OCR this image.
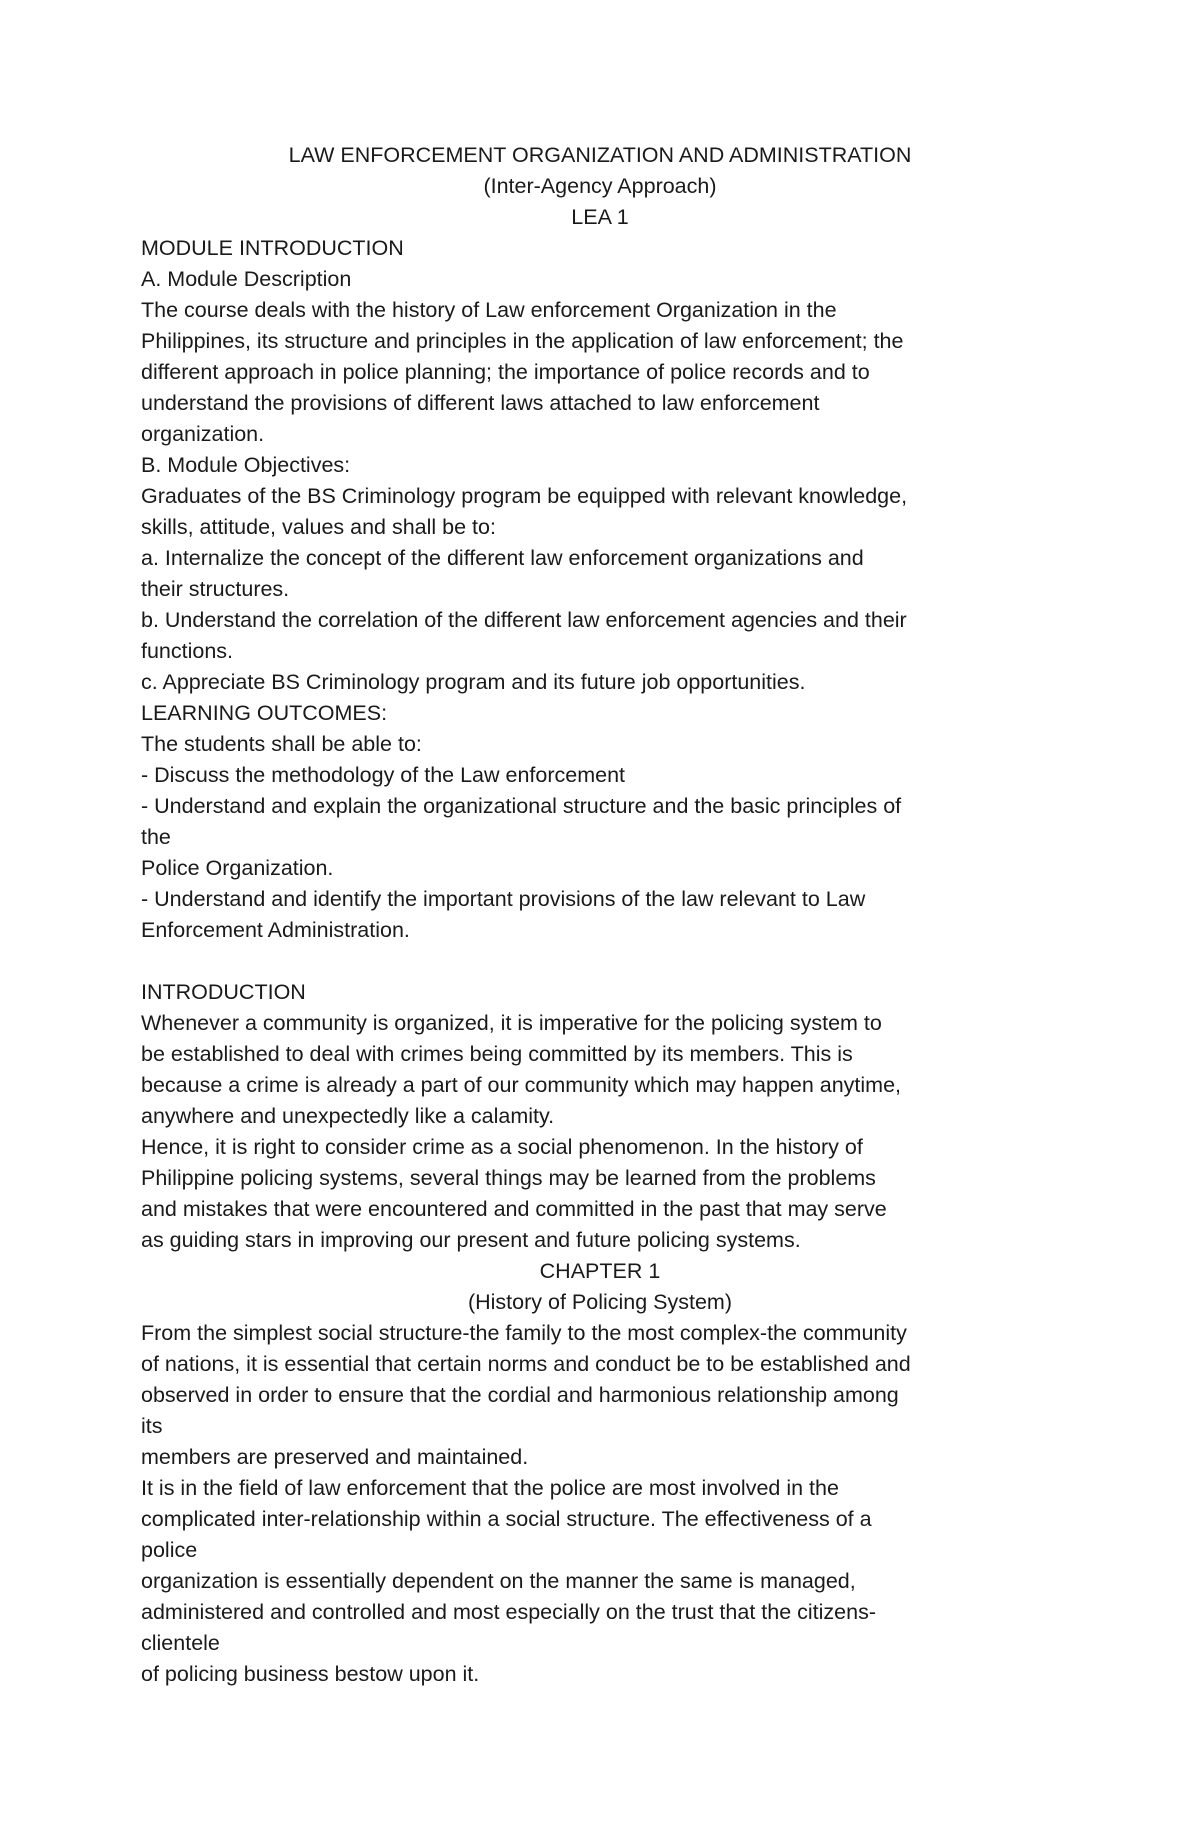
LAW ENFORCEMENT ORGANIZATION AND ADMINISTRATION
(Inter-Agency Approach)
LEA 1
MODULE INTRODUCTION
A. Module Description
The course deals with the history of Law enforcement Organization in the
Philippines, its structure and principles in the application of law enforcement; the
different approach in police planning; the importance of police records and to
understand the provisions of different laws attached to law enforcement
organization.
B. Module Objectives:
Graduates of the BS Criminology program be equipped with relevant knowledge,
skills, attitude, values and shall be to:
a. Internalize the concept of the different law enforcement organizations and
their structures.
b. Understand the correlation of the different law enforcement agencies and their
functions.
c. Appreciate BS Criminology program and its future job opportunities.
LEARNING OUTCOMES:
The students shall be able to:
- Discuss the methodology of the Law enforcement
- Understand and explain the organizational structure and the basic principles of
the
Police Organization.
- Understand and identify the important provisions of the law relevant to Law
Enforcement Administration.
INTRODUCTION
Whenever a community is organized, it is imperative for the policing system to
be established to deal with crimes being committed by its members. This is
because a crime is already a part of our community which may happen anytime,
anywhere and unexpectedly like a calamity.
Hence, it is right to consider crime as a social phenomenon. In the history of
Philippine policing systems, several things may be learned from the problems
and mistakes that were encountered and committed in the past that may serve
as guiding stars in improving our present and future policing systems.
CHAPTER 1
(History of Policing System)
From the simplest social structure-the family to the most complex-the community
of nations, it is essential that certain norms and conduct be to be established and
observed in order to ensure that the cordial and harmonious relationship among
its
members are preserved and maintained.
It is in the field of law enforcement that the police are most involved in the
complicated inter-relationship within a social structure. The effectiveness of a
police
organization is essentially dependent on the manner the same is managed,
administered and controlled and most especially on the trust that the citizens-
clientele
of policing business bestow upon it.
